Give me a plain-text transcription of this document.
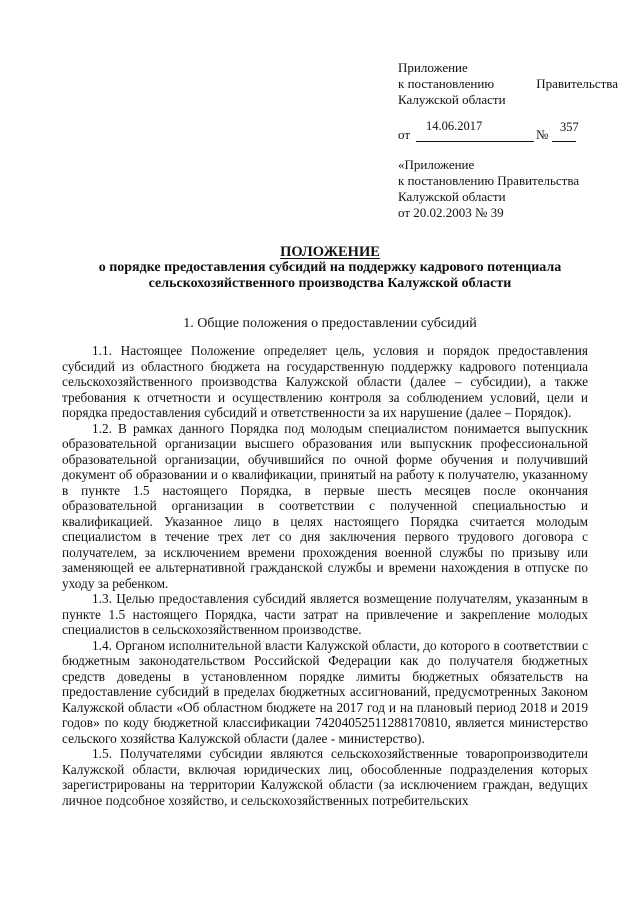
Приложение
к постановлению	Правительства
Калужской области
от
14.06.2017
№ 357
«Приложение
к постановлению Правительства
Калужской области
от 20.02.2003 № 39
ПОЛОЖЕНИЕ
о порядке предоставления субсидий на поддержку кадрового потенциала
сельскохозяйственного производства Калужской области
1. Общие положения о предоставлении субсидий

1.1. Настоящее Положение определяет цель, условия и порядок предоставления субсидий из областного бюджета на государственную поддержку кадрового потенциала сельскохозяйственного производства Калужской области (далее – субсидии), а также требования к отчетности и осуществлению контроля за соблюдением условий, цели и порядка предоставления субсидий и ответственности за их нарушение (далее – Порядок).

1.2. В рамках данного Порядка под молодым специалистом понимается выпускник образовательной организации высшего образования или выпускник профессиональной образовательной организации, обучившийся по очной форме обучения и получивший документ об образовании и о квалификации, принятый на работу к получателю, указанному в пункте 1.5 настоящего Порядка, в первые шесть месяцев после окончания образовательной организации в соответствии с полученной специальностью и квалификацией. Указанное лицо в целях настоящего Порядка считается молодым специалистом в течение трех лет со дня заключения первого трудового договора с получателем, за исключением времени прохождения военной службы по призыву или заменяющей ее альтернативной гражданской службы и времени нахождения в отпуске по уходу за ребенком.

1.3. Целью предоставления субсидий является возмещение получателям, указанным в пункте 1.5 настоящего Порядка, части затрат на привлечение и закрепление молодых специалистов в сельскохозяйственном производстве.

1.4. Органом исполнительной власти Калужской области, до которого в соответствии с бюджетным законодательством Российской Федерации как до получателя бюджетных средств доведены в установленном порядке лимиты бюджетных обязательств на предоставление субсидий в пределах бюджетных ассигнований, предусмотренных Законом Калужской области «Об областном бюджете на 2017 год и на плановый период 2018 и 2019 годов» по коду бюджетной классификации 74204052511288170810, является министерство сельского хозяйства Калужской области (далее - министерство).

1.5. Получателями субсидии являются сельскохозяйственные товаропроизводители Калужской области, включая юридических лиц, обособленные подразделения которых зарегистрированы на территории Калужской области (за исключением граждан, ведущих личное подсобное хозяйство, и сельскохозяйственных потребительских
